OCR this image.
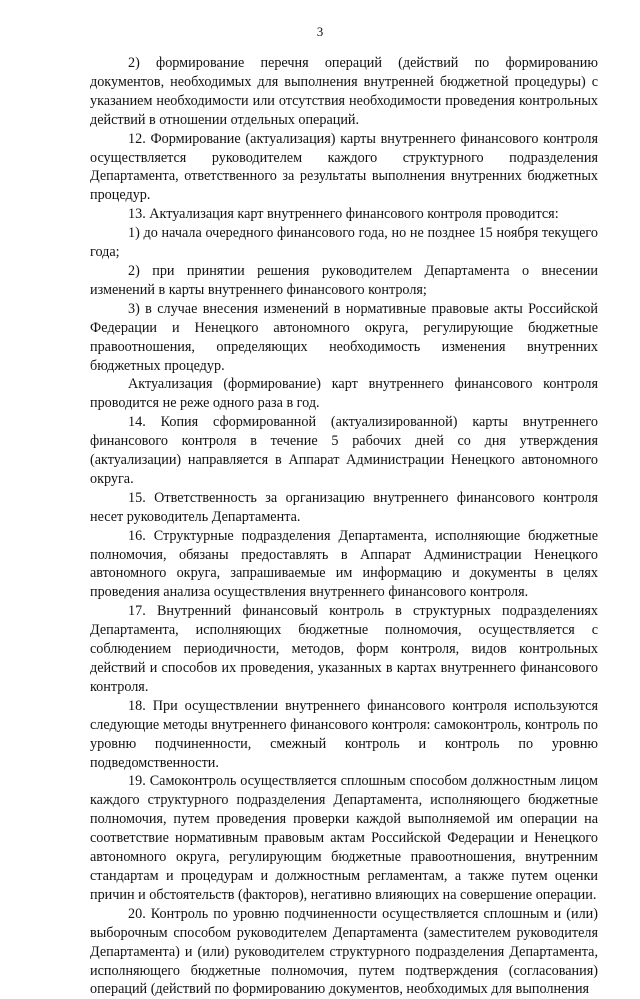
3

2) формирование перечня операций (действий по формированию документов, необходимых для выполнения внутренней бюджетной процедуры) с указанием необходимости или отсутствия необходимости проведения контрольных действий в отношении отдельных операций.

12. Формирование (актуализация) карты внутреннего финансового контроля осуществляется руководителем каждого структурного подразделения Департамента, ответственного за результаты выполнения внутренних бюджетных процедур.

13. Актуализация карт внутреннего финансового контроля проводится:

1) до начала очередного финансового года, но не позднее 15 ноября текущего года;

2) при принятии решения руководителем Департамента о внесении изменений в карты внутреннего финансового контроля;

3) в случае внесения изменений в нормативные правовые акты Российской Федерации и Ненецкого автономного округа, регулирующие бюджетные правоотношения, определяющих необходимость изменения внутренних бюджетных процедур.

Актуализация (формирование) карт внутреннего финансового контроля проводится не реже одного раза в год.

14. Копия сформированной (актуализированной) карты внутреннего финансового контроля в течение 5 рабочих дней со дня утверждения (актуализации) направляется в Аппарат Администрации Ненецкого автономного округа.

15. Ответственность за организацию внутреннего финансового контроля несет руководитель Департамента.

16. Структурные подразделения Департамента, исполняющие бюджетные полномочия, обязаны предоставлять в Аппарат Администрации Ненецкого автономного округа, запрашиваемые им информацию и документы в целях проведения анализа осуществления внутреннего финансового контроля.

17. Внутренний финансовый контроль в структурных подразделениях Департамента, исполняющих бюджетные полномочия, осуществляется с соблюдением периодичности, методов, форм контроля, видов контрольных действий и способов их проведения, указанных в картах внутреннего финансового контроля.

18. При осуществлении внутреннего финансового контроля используются следующие методы внутреннего финансового контроля: самоконтроль, контроль по уровню подчиненности, смежный контроль и контроль по уровню подведомственности.

19. Самоконтроль осуществляется сплошным способом должностным лицом каждого структурного подразделения Департамента, исполняющего бюджетные полномочия, путем проведения проверки каждой выполняемой им операции на соответствие нормативным правовым актам Российской Федерации и Ненецкого автономного округа, регулирующим бюджетные правоотношения, внутренним стандартам и процедурам и должностным регламентам, а также путем оценки причин и обстоятельств (факторов), негативно влияющих на совершение операции.

20. Контроль по уровню подчиненности осуществляется сплошным и (или) выборочным способом руководителем Департамента (заместителем руководителя Департамента) и (или) руководителем структурного подразделения Департамента, исполняющего бюджетные полномочия, путем подтверждения (согласования) операций (действий по формированию документов, необходимых для выполнения
